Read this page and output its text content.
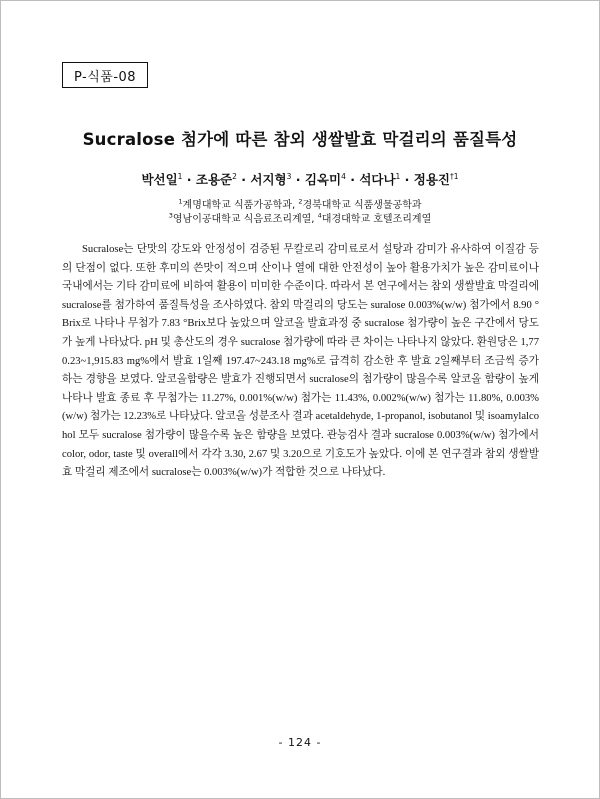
P-식품-08
Sucralose 첨가에 따른 참외 생쌀발효 막걸리의 품질특성
박선일$^1$ · 조용준$^2$ · 서지형$^3$ · 김옥미$^4$ · 석다나$^1$ · 정용진$^{\dagger 1}$
$^1$계명대학교 식품가공학과, $^2$경북대학교 식품생물공학과
$^3$영남이공대학교 식음료조리계열, $^4$대경대학교 호텔조리계열

Sucralose는 단맛의 강도와 안정성이 검증된 무칼로리 감미료로서 설탕과 감미가 유사하여 이질감 등의 단점이 없다. 또한 후미의 쓴맛이 적으며 산이나 열에 대한 안전성이 높아 활용가치가 높은 감미료이나 국내에서는 기타 감미료에 비하여 활용이 미미한 수준이다. 따라서 본 연구에서는 참외 생쌀발효 막걸리에 sucralose를 첨가하여 품질특성을 조사하였다. 참외 막걸리의 당도는 suralose 0.003%(w/w) 첨가에서 8.90 °Brix로 나타나 무첨가 7.83 °Brix보다 높았으며 알코올 발효과정 중 sucralose 첨가량이 높은 구간에서 당도가 높게 나타났다. pH 및 총산도의 경우 sucralose 첨가량에 따라 큰 차이는 나타나지 않았다. 환원당은 1,770.23~1,915.83 mg%에서 발효 1일째 197.47~243.18 mg%로 급격히 감소한 후 발효 2일째부터 조금씩 증가하는 경향을 보였다. 알코올함량은 발효가 진행되면서 sucralose의 첨가량이 많을수록 알코올 함량이 높게 나타나 발효 종료 후 무첨가는 11.27%, 0.001%(w/w) 첨가는 11.43%, 0.002%(w/w) 첨가는 11.80%, 0.003%(w/w) 첨가는 12.23%로 나타났다. 알코올 성분조사 결과 acetaldehyde, 1-propanol, isobutanol 및 isoamylalcohol 모두 sucralose 첨가량이 많을수록 높은 함량을 보였다. 관능검사 결과 sucralose 0.003%(w/w) 첨가에서 color, odor, taste 및 overall에서 각각 3.30, 2.67 및 3.20으로 기호도가 높았다. 이에 본 연구결과 참외 생쌀발효 막걸리 제조에서 sucralose는 0.003%(w/w)가 적합한 것으로 나타났다.

- 124 -
